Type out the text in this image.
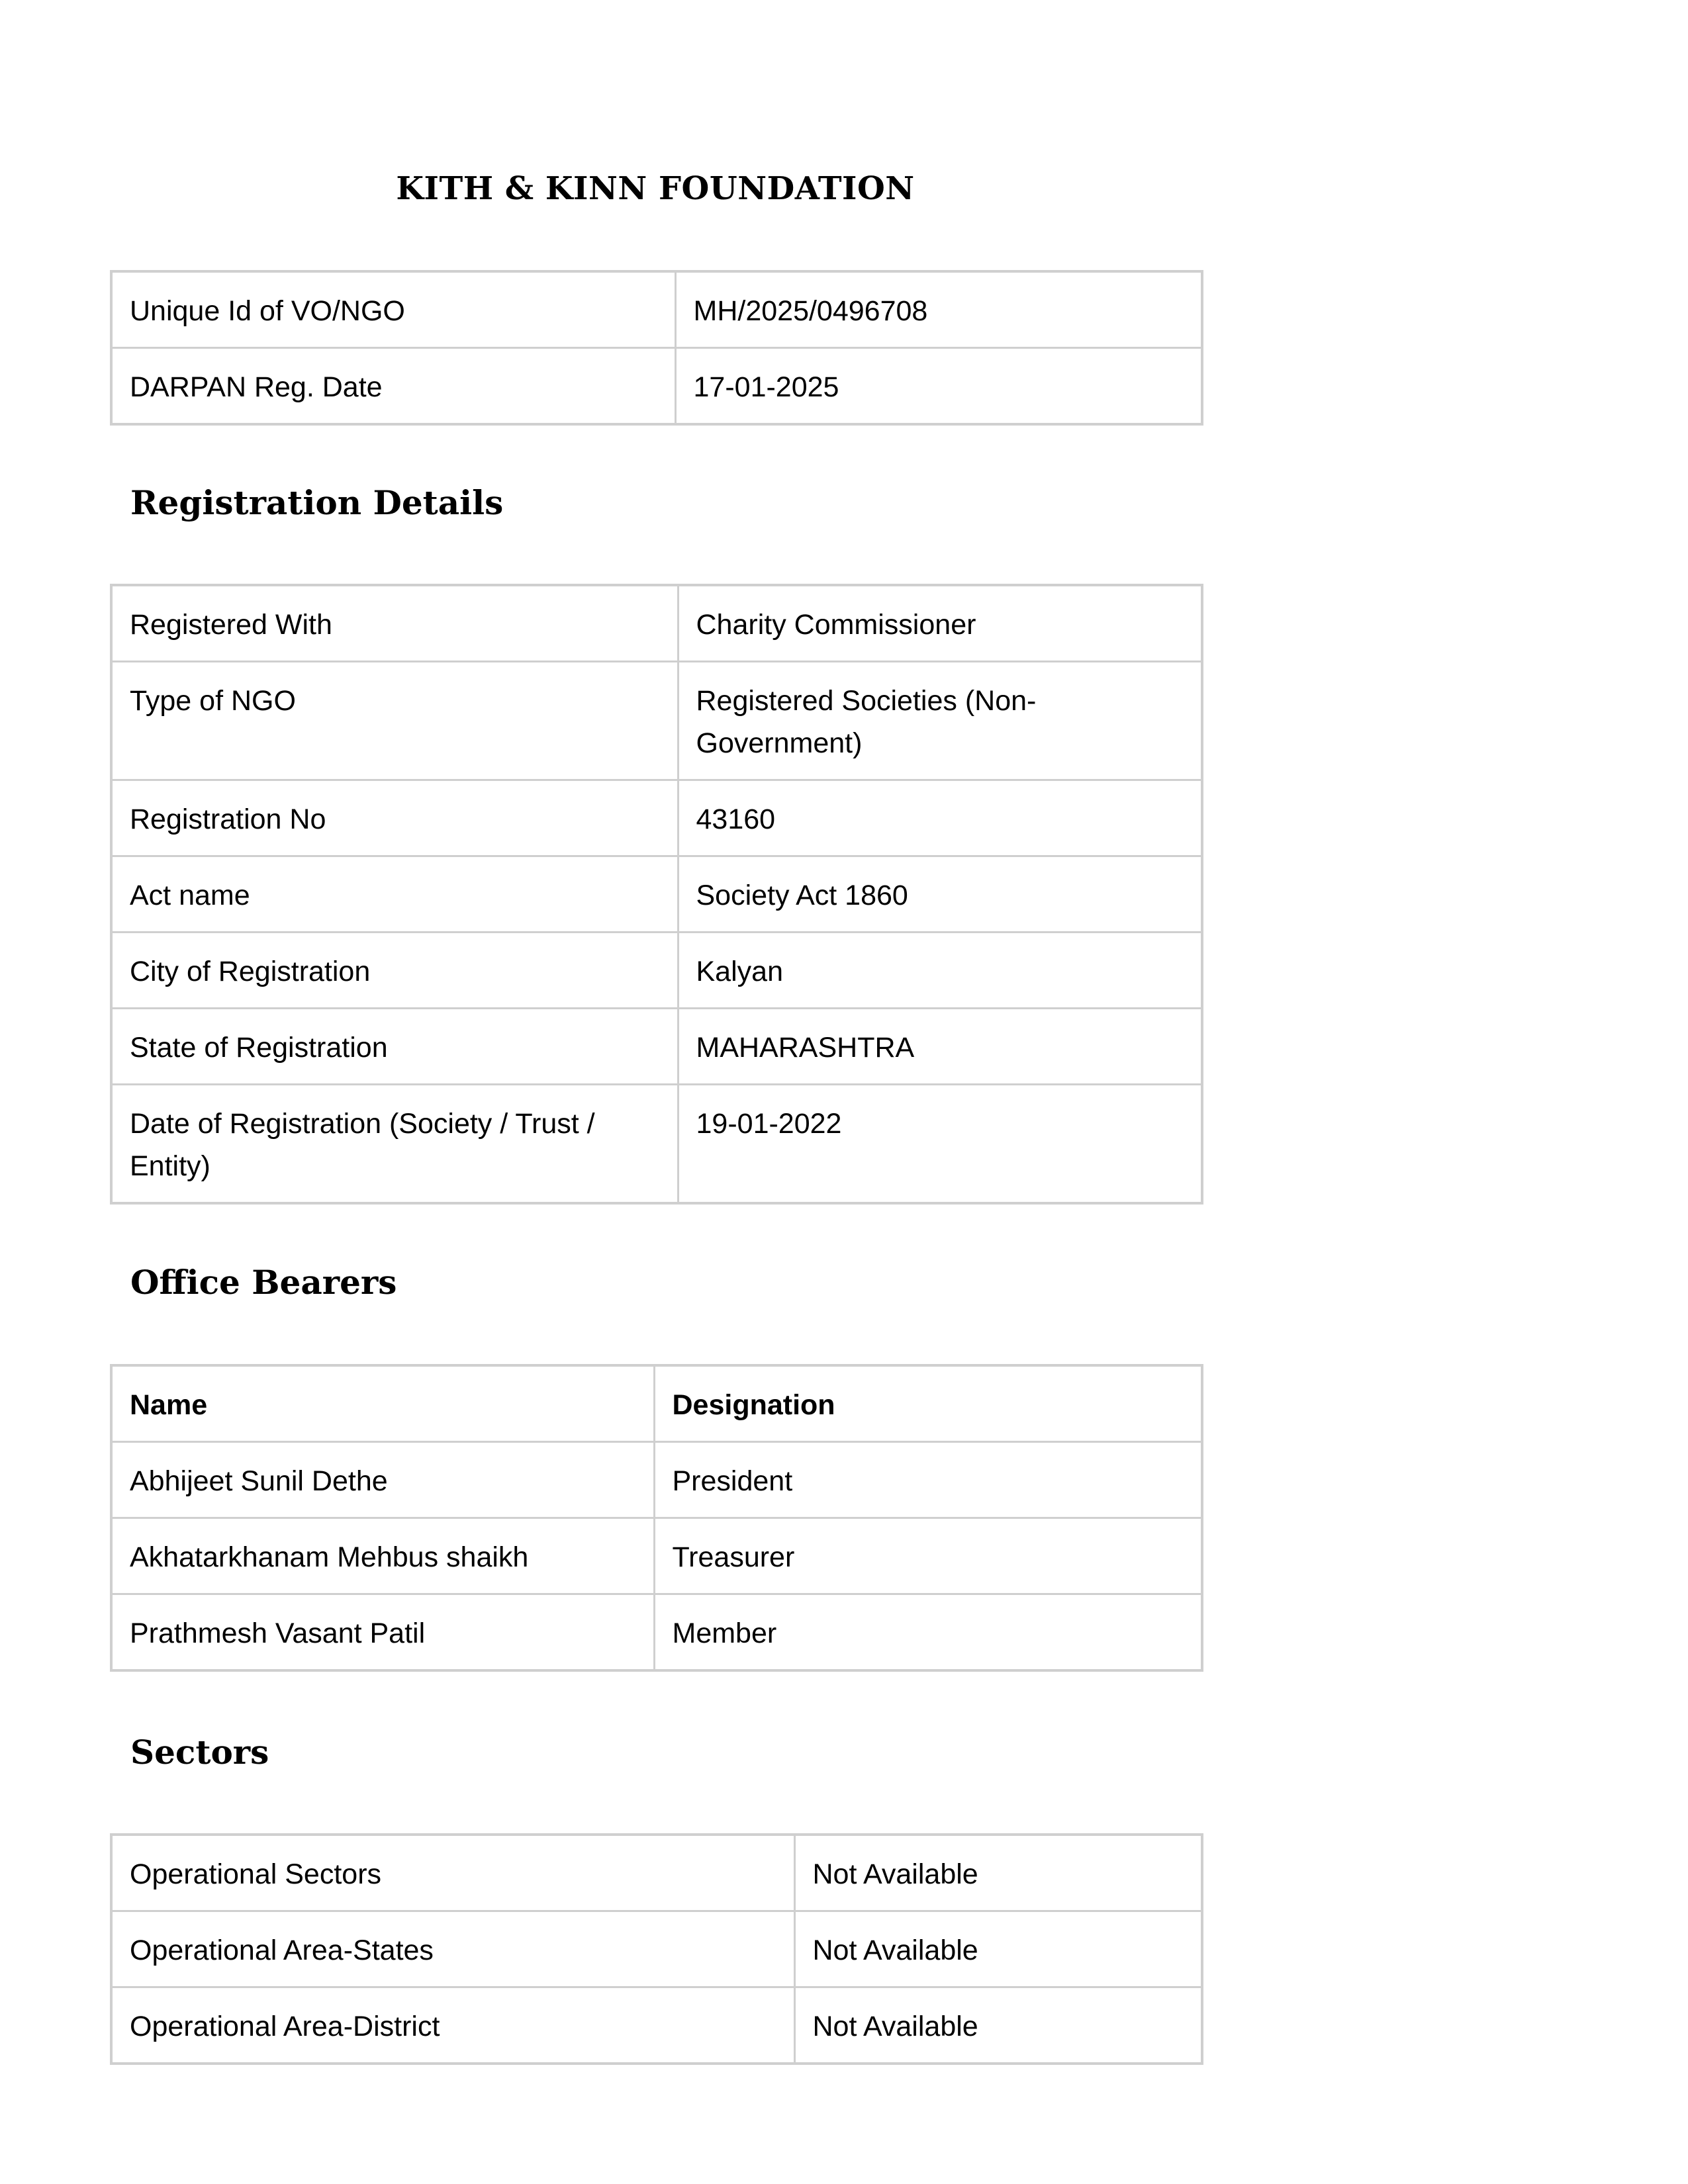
KITH & KINN FOUNDATION
Unique Id of VO/NGO	MH/2025/0496708
DARPAN Reg. Date	17-01-2025
Registration Details
Registered With	Charity Commissioner
Type of NGO	Registered Societies (Non-Government)
Registration No	43160
Act name	Society Act 1860
City of Registration	Kalyan
State of Registration	MAHARASHTRA
Date of Registration (Society / Trust / Entity)	19-01-2022
Office Bearers
Name	Designation
Abhijeet Sunil Dethe	President
Akhatarkhanam Mehbus shaikh	Treasurer
Prathmesh Vasant Patil	Member
Sectors
Operational Sectors	Not Available
Operational Area-States	Not Available
Operational Area-District	Not Available
